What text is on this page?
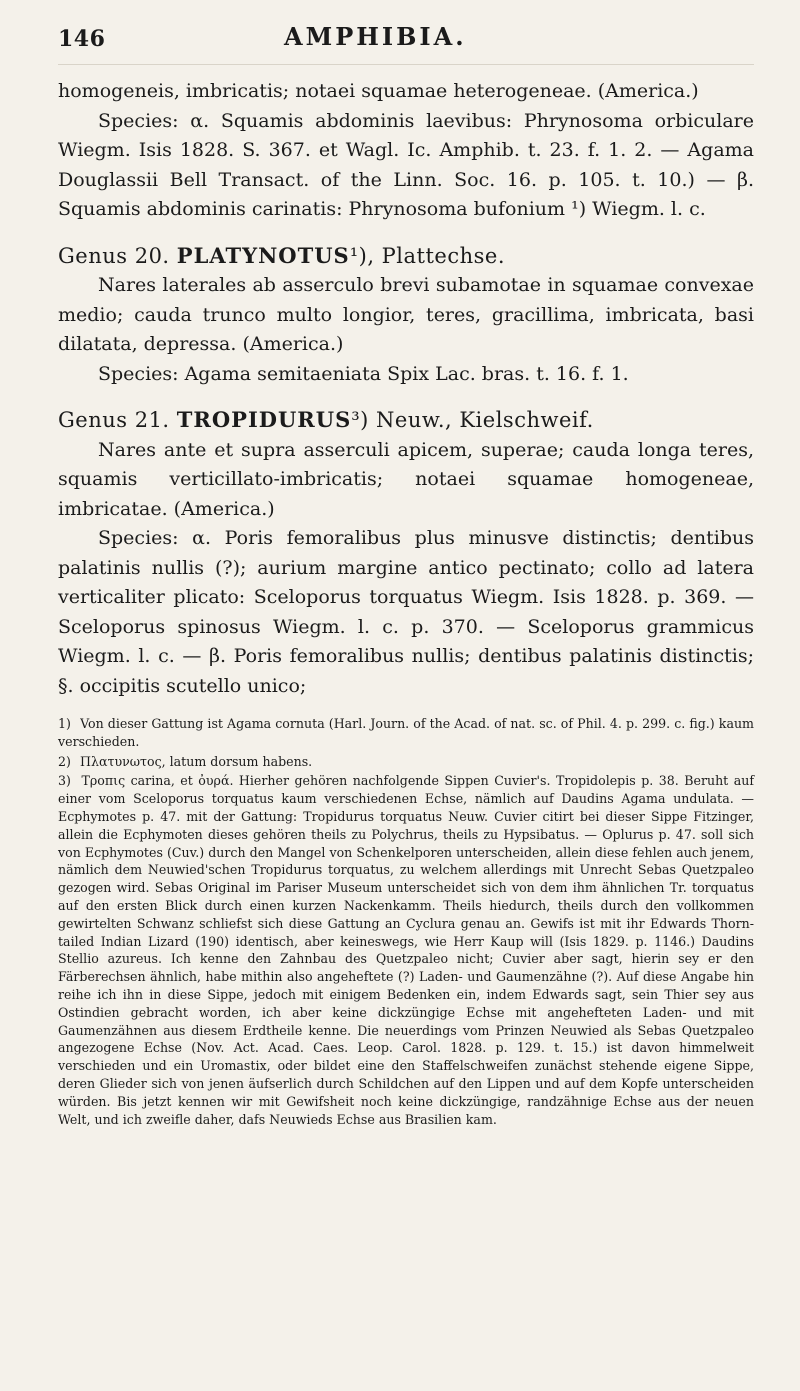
146	AMPHIBIA.

homogeneis, imbricatis; notaei squamae heterogeneae. (America.)

Species: α. Squamis abdominis laevibus: Phrynosoma orbiculare Wiegm. Isis 1828. S. 367. et Wagl. Ic. Amphib. t. 23. f. 1. 2. — Agama Douglassii Bell Transact. of the Linn. Soc. 16. p. 105. t. 10.) — β. Squamis abdominis carinatis: Phrynosoma bufonium ¹) Wiegm. l. c.

Genus 20. PLATYNOTUS¹), Plattechse.

Nares laterales ab asserculo brevi subamotae in squamae convexae medio; cauda trunco multo longior, teres, gracillima, imbricata, basi dilatata, depressa. (America.)

Species: Agama semitaeniata Spix Lac. bras. t. 16. f. 1.

Genus 21. TROPIDURUS³) Neuw., Kielschweif.

Nares ante et supra asserculi apicem, superae; cauda longa teres, squamis verticillato-imbricatis; notaei squamae homogeneae, imbricatae. (America.)

Species: α. Poris femoralibus plus minusve distinctis; dentibus palatinis nullis (?); aurium margine antico pectinato; collo ad latera verticaliter plicato: Sceloporus torquatus Wiegm. Isis 1828. p. 369. — Sceloporus spinosus Wiegm. l. c. p. 370. — Sceloporus grammicus Wiegm. l. c. — β. Poris femoralibus nullis; dentibus palatinis distinctis; §. occipitis scutello unico;

1) Von dieser Gattung ist Agama cornuta (Harl. Journ. of the Acad. of nat. sc. of Phil. 4. p. 299. c. fig.) kaum verschieden.

2) Πλατυνωτος, latum dorsum habens.

3) Τροπις carina, et ὀυρά. Hierher gehören nachfolgende Sippen Cuvier's. Tropidolepis p. 38. Beruht auf einer vom Sceloporus torquatus kaum verschiedenen Echse, nämlich auf Daudins Agama undulata. — Ecphymotes p. 47. mit der Gattung: Tropidurus torquatus Neuw. Cuvier citirt bei dieser Sippe Fitzinger, allein die Ecphymoten dieses gehören theils zu Polychrus, theils zu Hypsibatus. — Oplurus p. 47. soll sich von Ecphymotes (Cuv.) durch den Mangel von Schenkelporen unterscheiden, allein diese fehlen auch jenem, nämlich dem Neuwied'schen Tropidurus torquatus, zu welchem allerdings mit Unrecht Sebas Quetzpaleo gezogen wird. Sebas Original im Pariser Museum unterscheidet sich von dem ihm ähnlichen Tr. torquatus auf den ersten Blick durch einen kurzen Nackenkamm. Theils hiedurch, theils durch den vollkommen gewirtelten Schwanz schliefst sich diese Gattung an Cyclura genau an. Gewifs ist mit ihr Edwards Thorn-tailed Indian Lizard (190) identisch, aber keineswegs, wie Herr Kaup will (Isis 1829. p. 1146.) Daudins Stellio azureus. Ich kenne den Zahnbau des Quetzpaleo nicht; Cuvier aber sagt, hierin sey er den Färberechsen ähnlich, habe mithin also angeheftete (?) Laden- und Gaumenzähne (?). Auf diese Angabe hin reihe ich ihn in diese Sippe, jedoch mit einigem Bedenken ein, indem Edwards sagt, sein Thier sey aus Ostindien gebracht worden, ich aber keine dickzüngige Echse mit angehefteten Laden- und mit Gaumenzähnen aus diesem Erdtheile kenne. Die neuerdings vom Prinzen Neuwied als Sebas Quetzpaleo angezogene Echse (Nov. Act. Acad. Caes. Leop. Carol. 1828. p. 129. t. 15.) ist davon himmelweit verschieden und ein Uromastix, oder bildet eine den Staffelschweifen zunächst stehende eigene Sippe, deren Glieder sich von jenen äufserlich durch Schildchen auf den Lippen und auf dem Kopfe unterscheiden würden. Bis jetzt kennen wir mit Gewifsheit noch keine dickzüngige, randzähnige Echse aus der neuen Welt, und ich zweifle daher, dafs Neuwieds Echse aus Brasilien kam.
